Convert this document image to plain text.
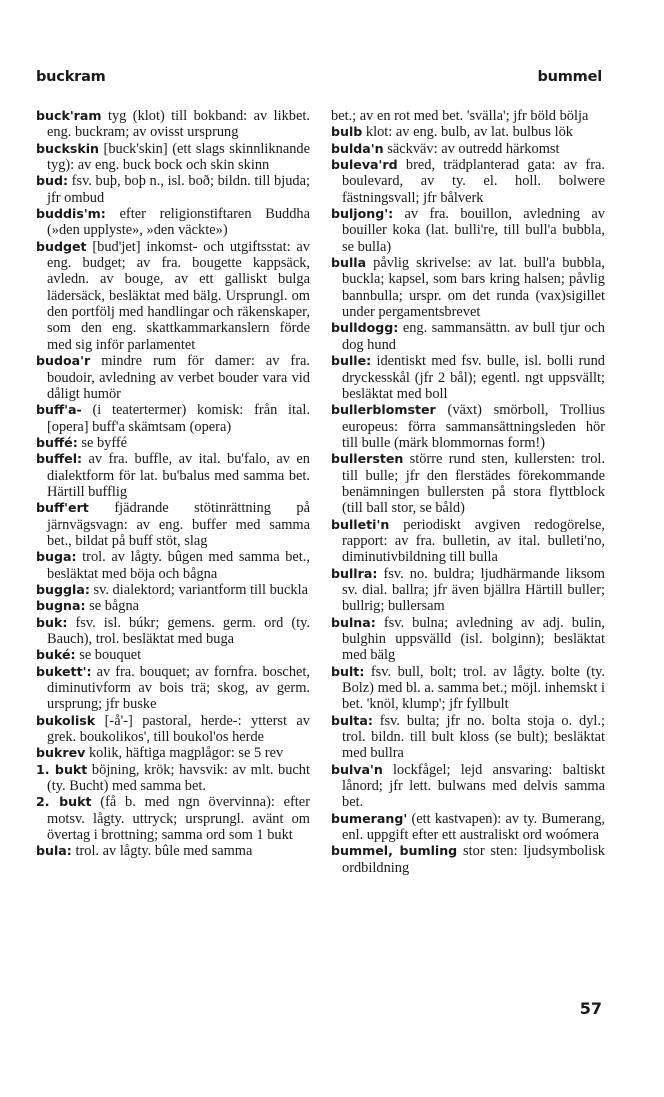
buckram	bummel

buck'ram tyg (klot) till bokband: av likbet. eng. buckram; av ovisst ursprung

buckskin [buck'skin] (ett slags skinnliknande tyg): av eng. buck bock och skin skinn

bud: fsv. buþ, boþ n., isl. boð; bildn. till bjuda; jfr ombud

buddis'm: efter religionstiftaren Buddha (»den upplyste», »den väckte»)

budget [bud'jet] inkomst- och utgiftsstat: av eng. budget; av fra. bougette kappsäck, avledn. av bouge, av ett galliskt bulga lädersäck, besläktat med bälg. Ursprungl. om den portfölj med handlingar och räkenskaper, som den eng. skattkammarkanslern förde med sig inför parlamentet

budoa'r mindre rum för damer: av fra. boudoir, avledning av verbet bouder vara vid dåligt humör

buff'a- (i teatertermer) komisk: från ital. [opera] buff'a skämtsam (opera)

buffé: se byffé

buffel: av fra. buffle, av ital. bu'falo, av en dialektform för lat. bu'balus med samma bet. Härtill bufflig

buff'ert fjädrande stötinrättning på järnvägsvagn: av eng. buffer med samma bet., bildat på buff stöt, slag

buga: trol. av lågty. bûgen med samma bet., besläktat med böja och bågna

buggla: sv. dialektord; variantform till buckla

bugna: se bågna

buk: fsv. isl. búkr; gemens. germ. ord (ty. Bauch), trol. besläktat med buga

buké: se bouquet

bukett': av fra. bouquet; av fornfra. boschet, diminutivform av bois trä; skog, av germ. ursprung; jfr buske

bukolisk [-å'-] pastoral, herde-: ytterst av grek. boukolikos', till boukol'os herde

bukrev kolik, häftiga magplågor: se 5 rev

1. bukt böjning, krök; havsvik: av mlt. bucht (ty. Bucht) med samma bet.

2. bukt (få b. med ngn övervinna): efter motsv. lågty. uttryck; ursprungl. avänt om övertag i brottning; samma ord som 1 bukt

bula: trol. av lågty. bûle med samma

bet.; av en rot med bet. 'svälla'; jfr böld bölja

bulb klot: av eng. bulb, av lat. bulbus lök

bulda'n säckväv: av outredd härkomst

buleva'rd bred, trädplanterad gata: av fra. boulevard, av ty. el. holl. bolwere fästningsvall; jfr bålverk

buljong': av fra. bouillon, avledning av bouiller koka (lat. bulli're, till bull'a bubbla, se bulla)

bulla påvlig skrivelse: av lat. bull'a bubbla, buckla; kapsel, som bars kring halsen; påvlig bannbulla; urspr. om det runda (vax)sigillet under pergamentsbrevet

bulldogg: eng. sammansättn. av bull tjur och dog hund

bulle: identiskt med fsv. bulle, isl. bolli rund dryckesskål (jfr 2 bål); egentl. ngt uppsvällt; besläktat med boll

bullerblomster (växt) smörboll, Trollius europeus: förra sammansättningsleden hör till bulle (märk blommornas form!)

bullersten större rund sten, kullersten: trol. till bulle; jfr den flerstädes förekommande benämningen bullersten på stora flyttblock (till ball stor, se båld)

bulleti'n periodiskt avgiven redogörelse, rapport: av fra. bulletin, av ital. bulleti'no, diminutivbildning till bulla

bullra: fsv. no. buldra; ljudhärmande liksom sv. dial. ballra; jfr även bjällra Härtill buller; bullrig; bullersam

bulna: fsv. bulna; avledning av adj. bulin, bulghin uppsvälld (isl. bolginn); besläktat med bälg

bult: fsv. bull, bolt; trol. av lågty. bolte (ty. Bolz) med bl. a. samma bet.; möjl. inhemskt i bet. 'knöl, klump'; jfr fyllbult

bulta: fsv. bulta; jfr no. bolta stoja o. dyl.; trol. bildn. till bult kloss (se bult); besläktat med bullra

bulva'n lockfågel; lejd ansvaring: baltiskt lånord; jfr lett. bulwans med delvis samma bet.

bumerang' (ett kastvapen): av ty. Bumerang, enl. uppgift efter ett australiskt ord woómera

bummel, bumling stor sten: ljudsymbolisk ordbildning

57
